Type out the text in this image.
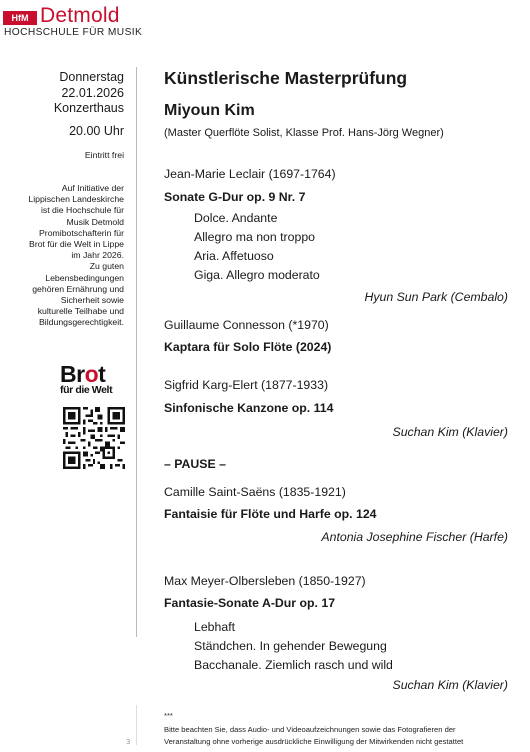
HfM Detmold
HOCHSCHULE FÜR MUSIK
Donnerstag
22.01.2026
Konzerthaus
20.00 Uhr
Eintritt frei
Auf Initiative der
Lippischen Landeskirche
ist die Hochschule für
Musik Detmold
Promibotschafterin für
Brot für die Welt in Lippe
im Jahr 2026.
Zu guten
Lebensbedingungen
gehören Ernährung und
Sicherheit sowie
kulturelle Teilhabe und
Bildungsgerechtigkeit.
Brot
für die Welt
3
Künstlerische Masterprüfung
Miyoun Kim
(Master Querflöte Solist, Klasse Prof. Hans-Jörg Wegner)
Jean-Marie Leclair (1697-1764)
Sonate G-Dur op. 9 Nr. 7
Dolce. Andante
Allegro ma non troppo
Aria. Affetuoso
Giga. Allegro moderato
Hyun Sun Park (Cembalo)
Guillaume Connesson (*1970)
Kaptara für Solo Flöte (2024)
Sigfrid Karg-Elert (1877-1933)
Sinfonische Kanzone op. 114
Suchan Kim (Klavier)
– PAUSE –
Camille Saint-Saëns (1835-1921)
Fantaisie für Flöte und Harfe op. 124
Antonia Josephine Fischer (Harfe)
Max Meyer-Olbersleben (1850-1927)
Fantasie-Sonate A-Dur op. 17
Lebhaft
Ständchen. In gehender Bewegung
Bacchanale. Ziemlich rasch und wild
Suchan Kim (Klavier)
***
Bitte beachten Sie, dass Audio- und Videoaufzeichnungen sowie das Fotografieren der
Veranstaltung ohne vorherige ausdrückliche Einwilligung der Mitwirkenden nicht gestattet
